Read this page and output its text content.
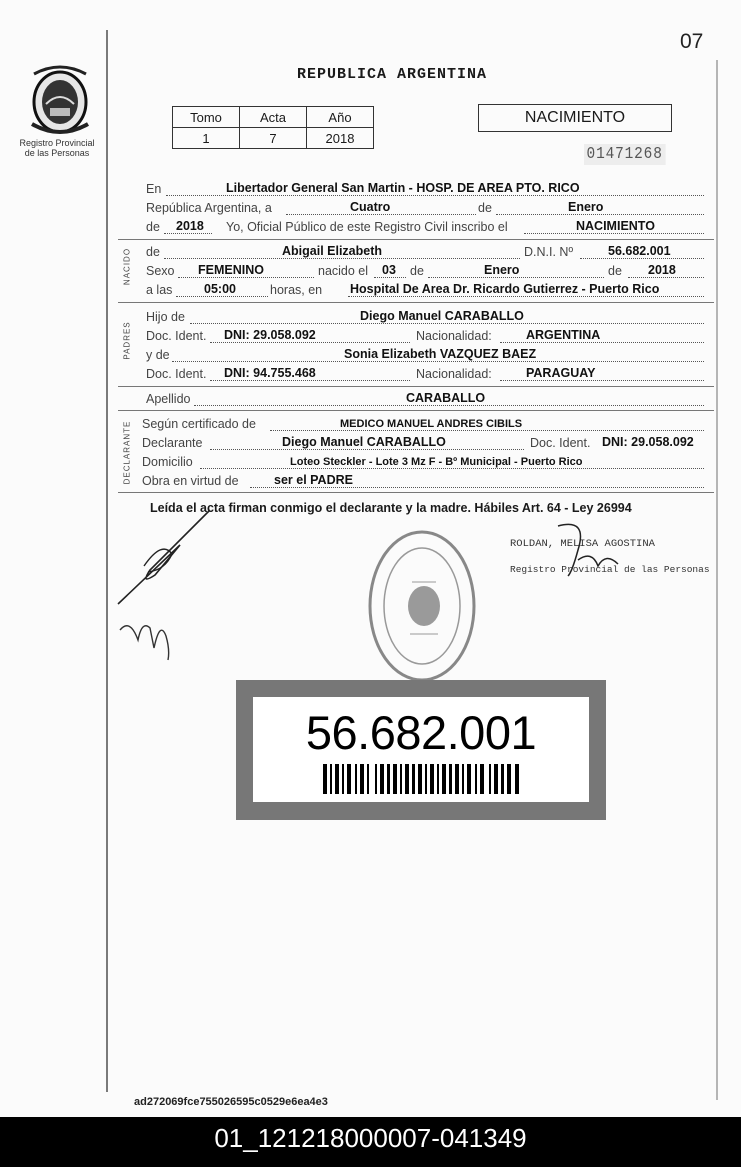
07
Registro Provincial
de las Personas
REPUBLICA ARGENTINA
Tomo	Acta	Año
1	7	2018
NACIMIENTO
01471268
En	Libertador General San Martin - HOSP. DE AREA PTO. RICO
República Argentina, a	Cuatro	de	Enero
de 2018 Yo, Oficial Público de este Registro Civil inscribo el	NACIMIENTO
NACIDO de	Abigail Elizabeth	D.N.I. Nº	56.682.001
Sexo FEMENINO	nacido el 03 de	Enero	de 2018
a las	05:00	horas, en Hospital De Area Dr. Ricardo Gutierrez - Puerto Rico
PADRES
Hijo de	Diego Manuel CARABALLO
Doc. Ident. DNI: 29.058.092	Nacionalidad:	ARGENTINA
y de	Sonia Elizabeth VAZQUEZ BAEZ
Doc. Ident. DNI: 94.755.468	Nacionalidad:	PARAGUAY
Apellido	CARABALLO
DECLARANTE Según certificado de	MEDICO MANUEL ANDRES CIBILS
Declarante	Diego Manuel CARABALLO	Doc. Ident. DNI: 29.058.092
Domicilio	Loteo Steckler - Lote 3 Mz F - Bº Municipal - Puerto Rico
Obra en virtud de	ser el PADRE
Leída el acta firman conmigo el declarante y la madre. Hábiles Art. 64 - Ley 26994
ROLDAN, MELISA AGOSTINA
Registro Provincial de las Personas
56.682.001
ad272069fce755026595c0529e6ea4e3
01_121218000007-041349
